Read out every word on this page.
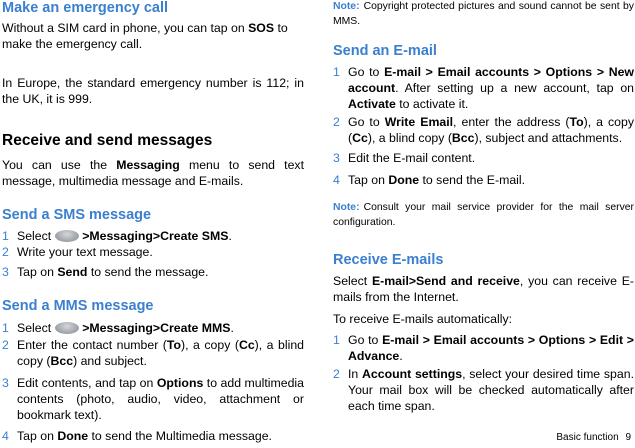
Make an emergency call

Without a SIM card in phone, you can tap on SOS to make the emergency call.

In Europe, the standard emergency number is 112; in the UK, it is 999.

Receive and send messages

You can use the Messaging menu to send text message, multimedia message and E-mails.

Send a SMS message
1 Select	>Messaging>Create SMS.
2 Write your text message.
3 Tap on Send to send the message.
Send a MMS message
1 Select	>Messaging>Create MMS.
2 Enter the contact number (To), a copy (Cc), a blind copy (Bcc) and subject.
3 Edit contents, and tap on Options to add multimedia contents (photo, audio, video, attachment or bookmark text).
4 Tap on Done to send the Multimedia message.

Note: Copyright protected pictures and sound cannot be sent by MMS.

Send an E-mail
1 Go to E-mail > Email accounts > Options > New account. After setting up a new account, tap on Activate to activate it.
2 Go to Write Email, enter the address (To), a copy (Cc), a blind copy (Bcc), subject and attachments.
3 Edit the E-mail content.
4 Tap on Done to send the E-mail.

Note: Consult your mail service provider for the mail server configuration.

Receive E-mails

Select E-mail>Send and receive, you can receive E-mails from the Internet.

To receive E-mails automatically:

1 Go to E-mail > Email accounts > Options > Edit > Advance.
2 In Account settings, select your desired time span. Your mail box will be checked automatically after each time span.
Basic function 9
